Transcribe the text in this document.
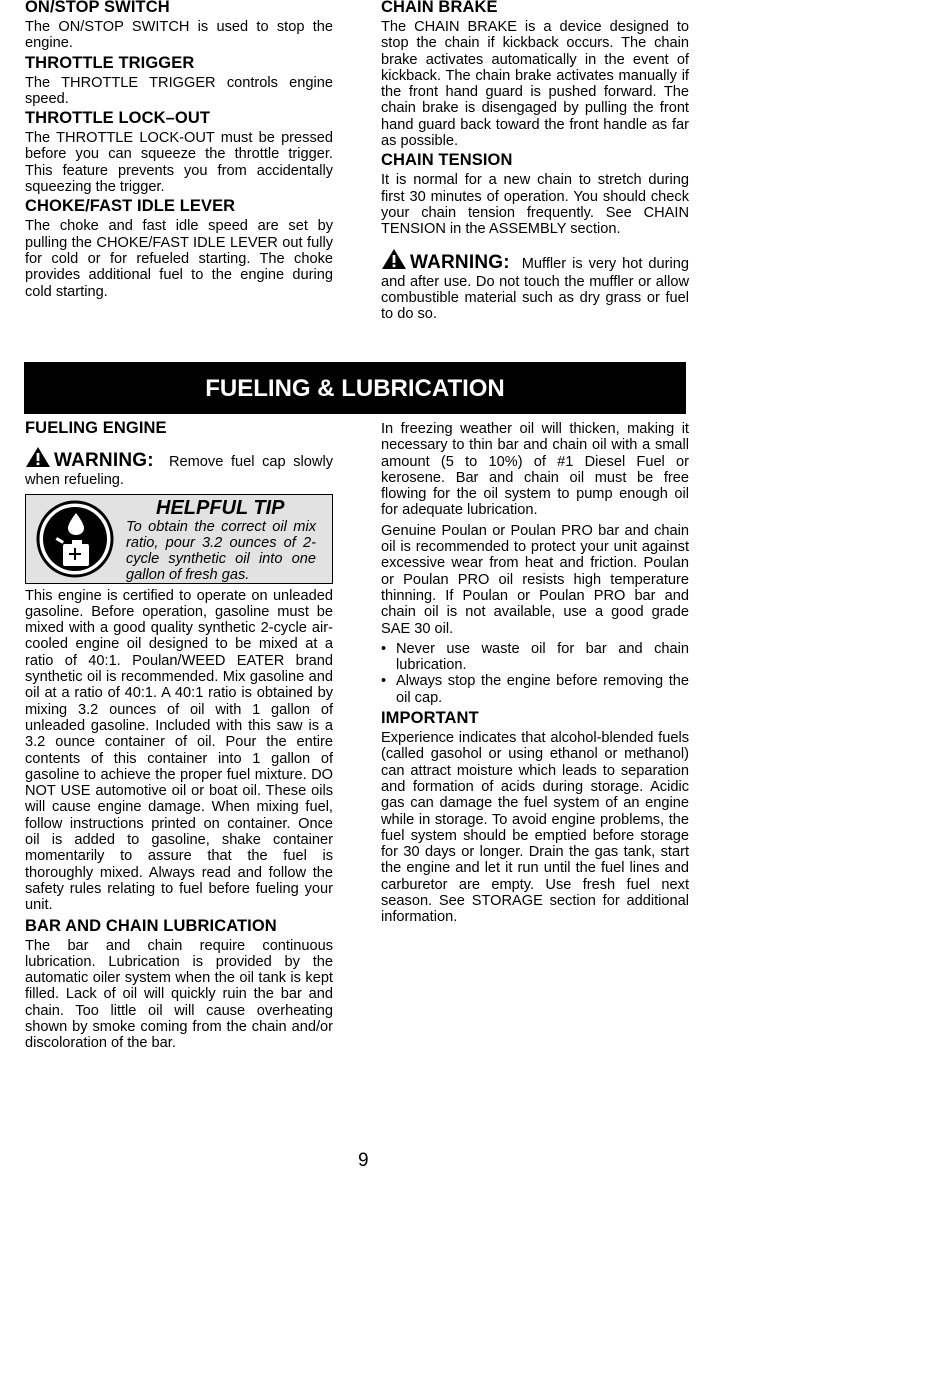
ON/STOP SWITCH

The ON/STOP SWITCH is used to stop the engine.

THROTTLE TRIGGER

The THROTTLE TRIGGER controls engine speed.

THROTTLE LOCK–OUT

The THROTTLE LOCK-OUT must be pressed before you can squeeze the throttle trigger. This feature prevents you from accidentally squeezing the trigger.

CHOKE/FAST IDLE LEVER

The choke and fast idle speed are set by pulling the CHOKE/FAST IDLE LEVER out fully for cold or for refueled starting. The choke provides additional fuel to the engine during cold starting.

CHAIN BRAKE

The CHAIN BRAKE is a device designed to stop the chain if kickback occurs. The chain brake activates automatically in the event of kickback. The chain brake activates manually if the front hand guard is pushed forward. The chain brake is disengaged by pulling the front hand guard back toward the front handle as far as possible.

CHAIN TENSION

It is normal for a new chain to stretch during first 30 minutes of operation. You should check your chain tension frequently. See CHAIN TENSION in the ASSEMBLY section.

WARNING: Muffler is very hot during and after use. Do not touch the muffler or allow combustible material such as dry grass or fuel to do so.

FUELING & LUBRICATION

FUELING ENGINE

WARNING: Remove fuel cap slowly when refueling.

HELPFUL TIP
To obtain the correct oil mix ratio, pour 3.2 ounces of 2-cycle synthetic oil into one gallon of fresh gas.

This engine is certified to operate on unleaded gasoline. Before operation, gasoline must be mixed with a good quality synthetic 2-cycle air-cooled engine oil designed to be mixed at a ratio of 40:1. Poulan/WEED EATER brand synthetic oil is recommended. Mix gasoline and oil at a ratio of 40:1. A 40:1 ratio is obtained by mixing 3.2 ounces of oil with 1 gallon of unleaded gasoline. Included with this saw is a 3.2 ounce container of oil. Pour the entire contents of this container into 1 gallon of gasoline to achieve the proper fuel mixture. DO NOT USE automotive oil or boat oil. These oils will cause engine damage. When mixing fuel, follow instructions printed on container. Once oil is added to gasoline, shake container momentarily to assure that the fuel is thoroughly mixed. Always read and follow the safety rules relating to fuel before fueling your unit.

BAR AND CHAIN LUBRICATION

The bar and chain require continuous lubrication. Lubrication is provided by the automatic oiler system when the oil tank is kept filled. Lack of oil will quickly ruin the bar and chain. Too little oil will cause overheating shown by smoke coming from the chain and/or discoloration of the bar.

In freezing weather oil will thicken, making it necessary to thin bar and chain oil with a small amount (5 to 10%) of #1 Diesel Fuel or kerosene. Bar and chain oil must be free flowing for the oil system to pump enough oil for adequate lubrication.

Genuine Poulan or Poulan PRO bar and chain oil is recommended to protect your unit against excessive wear from heat and friction. Poulan or Poulan PRO oil resists high temperature thinning. If Poulan or Poulan PRO bar and chain oil is not available, use a good grade SAE 30 oil.

• Never use waste oil for bar and chain lubrication.
• Always stop the engine before removing the oil cap.

IMPORTANT

Experience indicates that alcohol-blended fuels (called gasohol or using ethanol or methanol) can attract moisture which leads to separation and formation of acids during storage. Acidic gas can damage the fuel system of an engine while in storage. To avoid engine problems, the fuel system should be emptied before storage for 30 days or longer. Drain the gas tank, start the engine and let it run until the fuel lines and carburetor are empty. Use fresh fuel next season. See STORAGE section for additional information.

9
